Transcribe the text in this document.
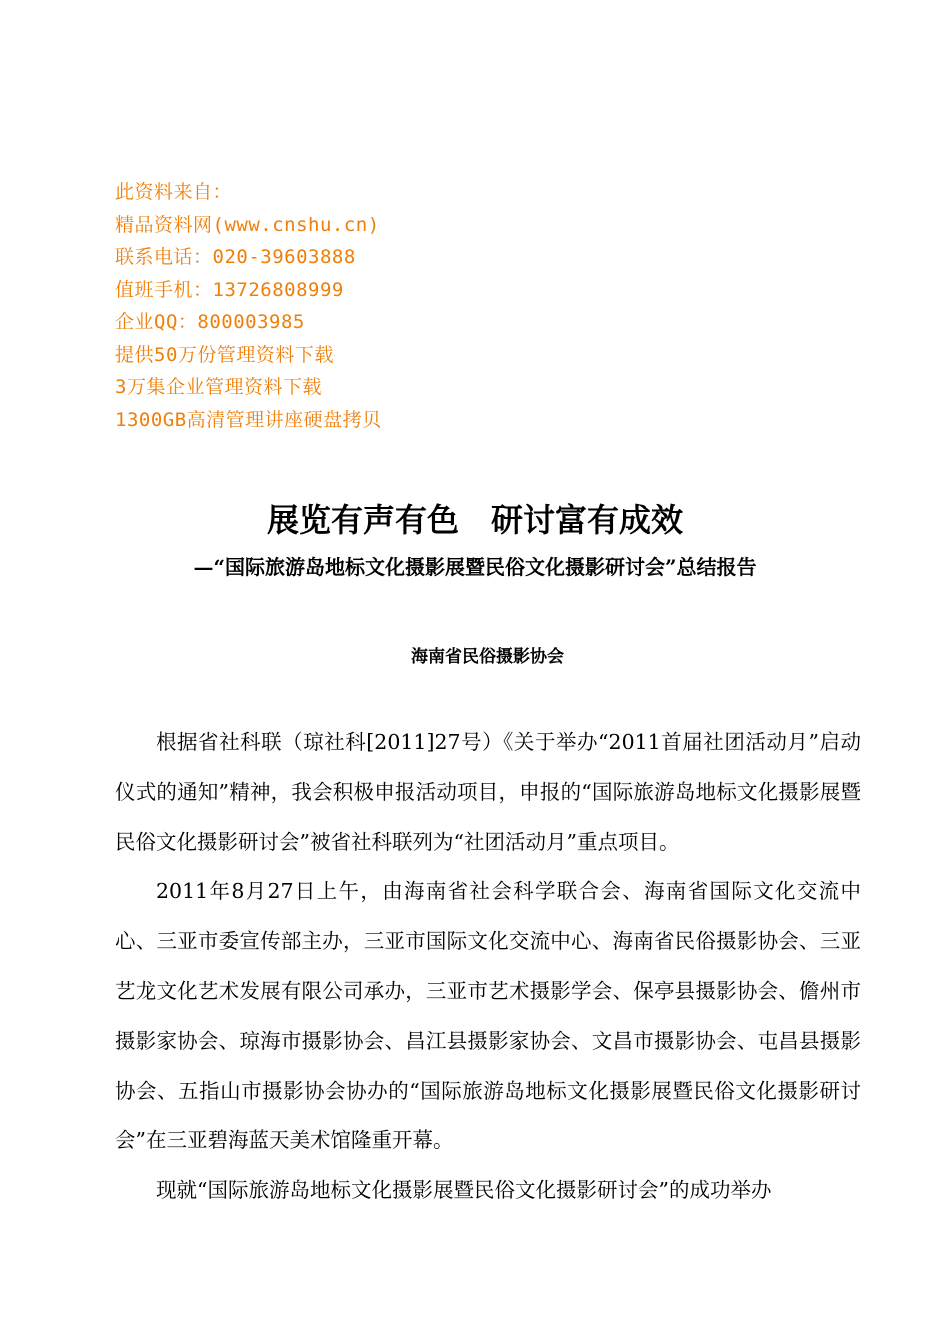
此资料来自：
精品资料网(www.cnshu.cn)
联系电话：020-39603888
值班手机：13726808999
企业QQ：800003985
提供50万份管理资料下载
3万集企业管理资料下载
1300GB高清管理讲座硬盘拷贝
展览有声有色　研讨富有成效
—“国际旅游岛地标文化摄影展暨民俗文化摄影研讨会”总结报告
海南省民俗摄影协会

根据省社科联（琼社科[2011]27号）《关于举办“2011首届社团活动月”启动仪式的通知”精神，我会积极申报活动项目，申报的“国际旅游岛地标文化摄影展暨民俗文化摄影研讨会”被省社科联列为“社团活动月”重点项目。

2011年8月27日上午，由海南省社会科学联合会、海南省国际文化交流中心、三亚市委宣传部主办，三亚市国际文化交流中心、海南省民俗摄影协会、三亚艺龙文化艺术发展有限公司承办，三亚市艺术摄影学会、保亭县摄影协会、儋州市摄影家协会、琼海市摄影协会、昌江县摄影家协会、文昌市摄影协会、屯昌县摄影协会、五指山市摄影协会协办的“国际旅游岛地标文化摄影展暨民俗文化摄影研讨会”在三亚碧海蓝天美术馆隆重开幕。

现就“国际旅游岛地标文化摄影展暨民俗文化摄影研讨会”的成功举办
